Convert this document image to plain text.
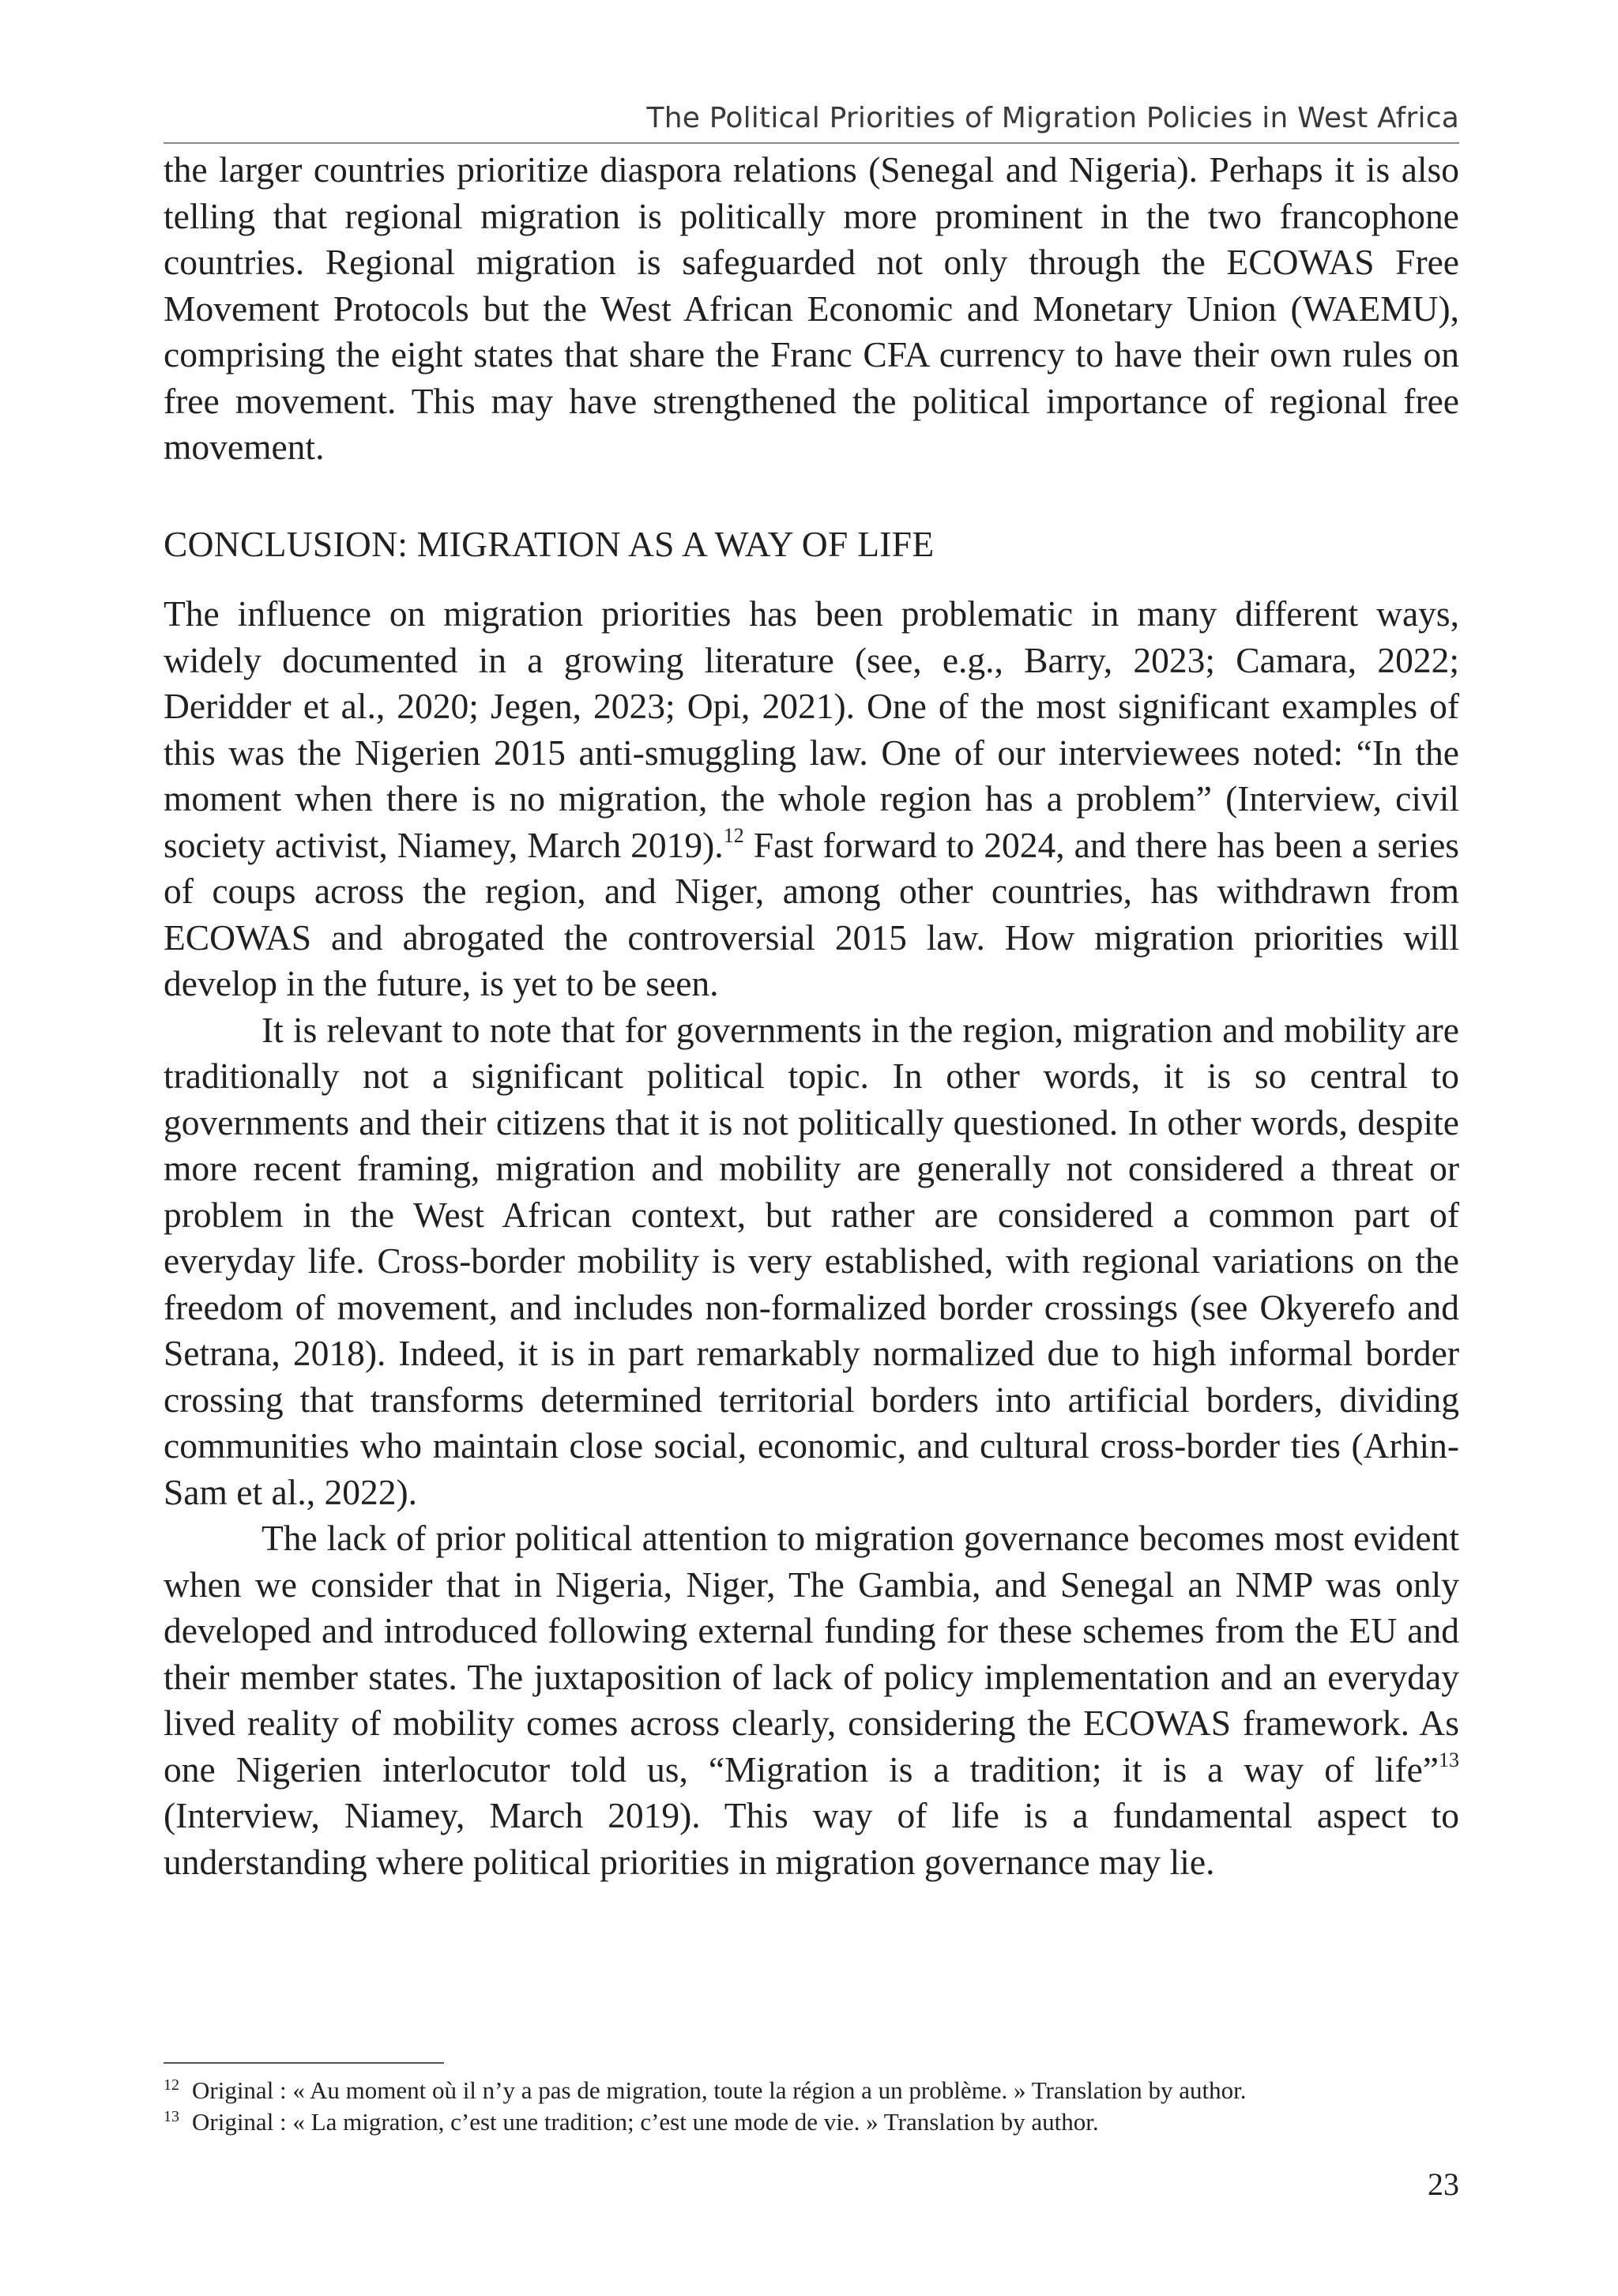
The Political Priorities of Migration Policies in West Africa

the larger countries prioritize diaspora relations (Senegal and Nigeria). Perhaps it is also telling that regional migration is politically more prominent in the two francophone countries. Regional migration is safeguarded not only through the ECOWAS Free Movement Protocols but the West African Economic and Monetary Union (WAEMU), comprising the eight states that share the Franc CFA currency to have their own rules on free movement. This may have strengthened the political importance of regional free movement.

CONCLUSION: MIGRATION AS A WAY OF LIFE

The influence on migration priorities has been problematic in many different ways, widely documented in a growing literature (see, e.g., Barry, 2023; Camara, 2022; Deridder et al., 2020; Jegen, 2023; Opi, 2021). One of the most significant examples of this was the Nigerien 2015 anti-smuggling law. One of our interviewees noted: “In the moment when there is no migration, the whole region has a problem” (Interview, civil society activist, Niamey, March 2019).$^{12}$ Fast forward to 2024, and there has been a series of coups across the region, and Niger, among other countries, has withdrawn from ECOWAS and abrogated the controversial 2015 law. How migration priorities will develop in the future, is yet to be seen.

It is relevant to note that for governments in the region, migration and mobility are traditionally not a significant political topic. In other words, it is so central to governments and their citizens that it is not politically questioned. In other words, despite more recent framing, migration and mobility are generally not considered a threat or problem in the West African context, but rather are considered a common part of everyday life. Cross-border mobility is very established, with regional variations on the freedom of movement, and includes non-formalized border crossings (see Okyerefo and Setrana, 2018). Indeed, it is in part remarkably normalized due to high informal border crossing that transforms determined territorial borders into artificial borders, dividing communities who maintain close social, economic, and cultural cross-border ties (Arhin-Sam et al., 2022).

The lack of prior political attention to migration governance becomes most evident when we consider that in Nigeria, Niger, The Gambia, and Senegal an NMP was only developed and introduced following external funding for these schemes from the EU and their member states. The juxtaposition of lack of policy implementation and an everyday lived reality of mobility comes across clearly, considering the ECOWAS framework. As one Nigerien interlocutor told us, “Migration is a tradition; it is a way of life”$^{13}$ (Interview, Niamey, March 2019). This way of life is a fundamental aspect to understanding where political priorities in migration governance may lie.

12 Original : « Au moment où il n’y a pas de migration, toute la région a un problème. » Translation by author.

13 Original : « La migration, c’est une tradition; c’est une mode de vie. » Translation by author.

23
